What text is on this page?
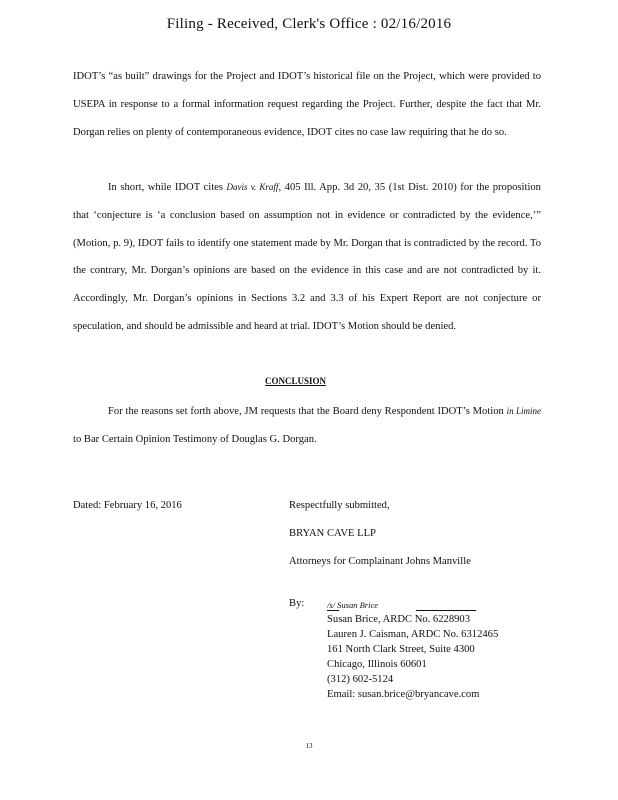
Filing - Received, Clerk's Office : 02/16/2016

IDOT’s “as built” drawings for the Project and IDOT’s historical file on the Project, which were provided to USEPA in response to a formal information request regarding the Project. Further, despite the fact that Mr. Dorgan relies on plenty of contemporaneous evidence, IDOT cites no case law requiring that he do so.

In short, while IDOT cites Davis v. Kraff, 405 Ill. App. 3d 20, 35 (1st Dist. 2010) for the proposition that ‘conjecture is ‘a conclusion based on assumption not in evidence or contradicted by the evidence,’” (Motion, p. 9), IDOT fails to identify one statement made by Mr. Dorgan that is contradicted by the record. To the contrary, Mr. Dorgan’s opinions are based on the evidence in this case and are not contradicted by it. Accordingly, Mr. Dorgan’s opinions in Sections 3.2 and 3.3 of his Expert Report are not conjecture or speculation, and should be admissible and heard at trial. IDOT’s Motion should be denied.

CONCLUSION

For the reasons set forth above, JM requests that the Board deny Respondent IDOT’s Motion in Limine to Bar Certain Opinion Testimony of Douglas G. Dorgan.

Dated: February 16, 2016	Respectfully submitted,
BRYAN CAVE LLP
Attorneys for Complainant Johns Manville
By:	/s/ Susan Brice
Susan Brice, ARDC No. 6228903
Lauren J. Caisman, ARDC No. 6312465
161 North Clark Street, Suite 4300
Chicago, Illinois 60601
(312) 602-5124
Email: susan.brice@bryancave.com
13
